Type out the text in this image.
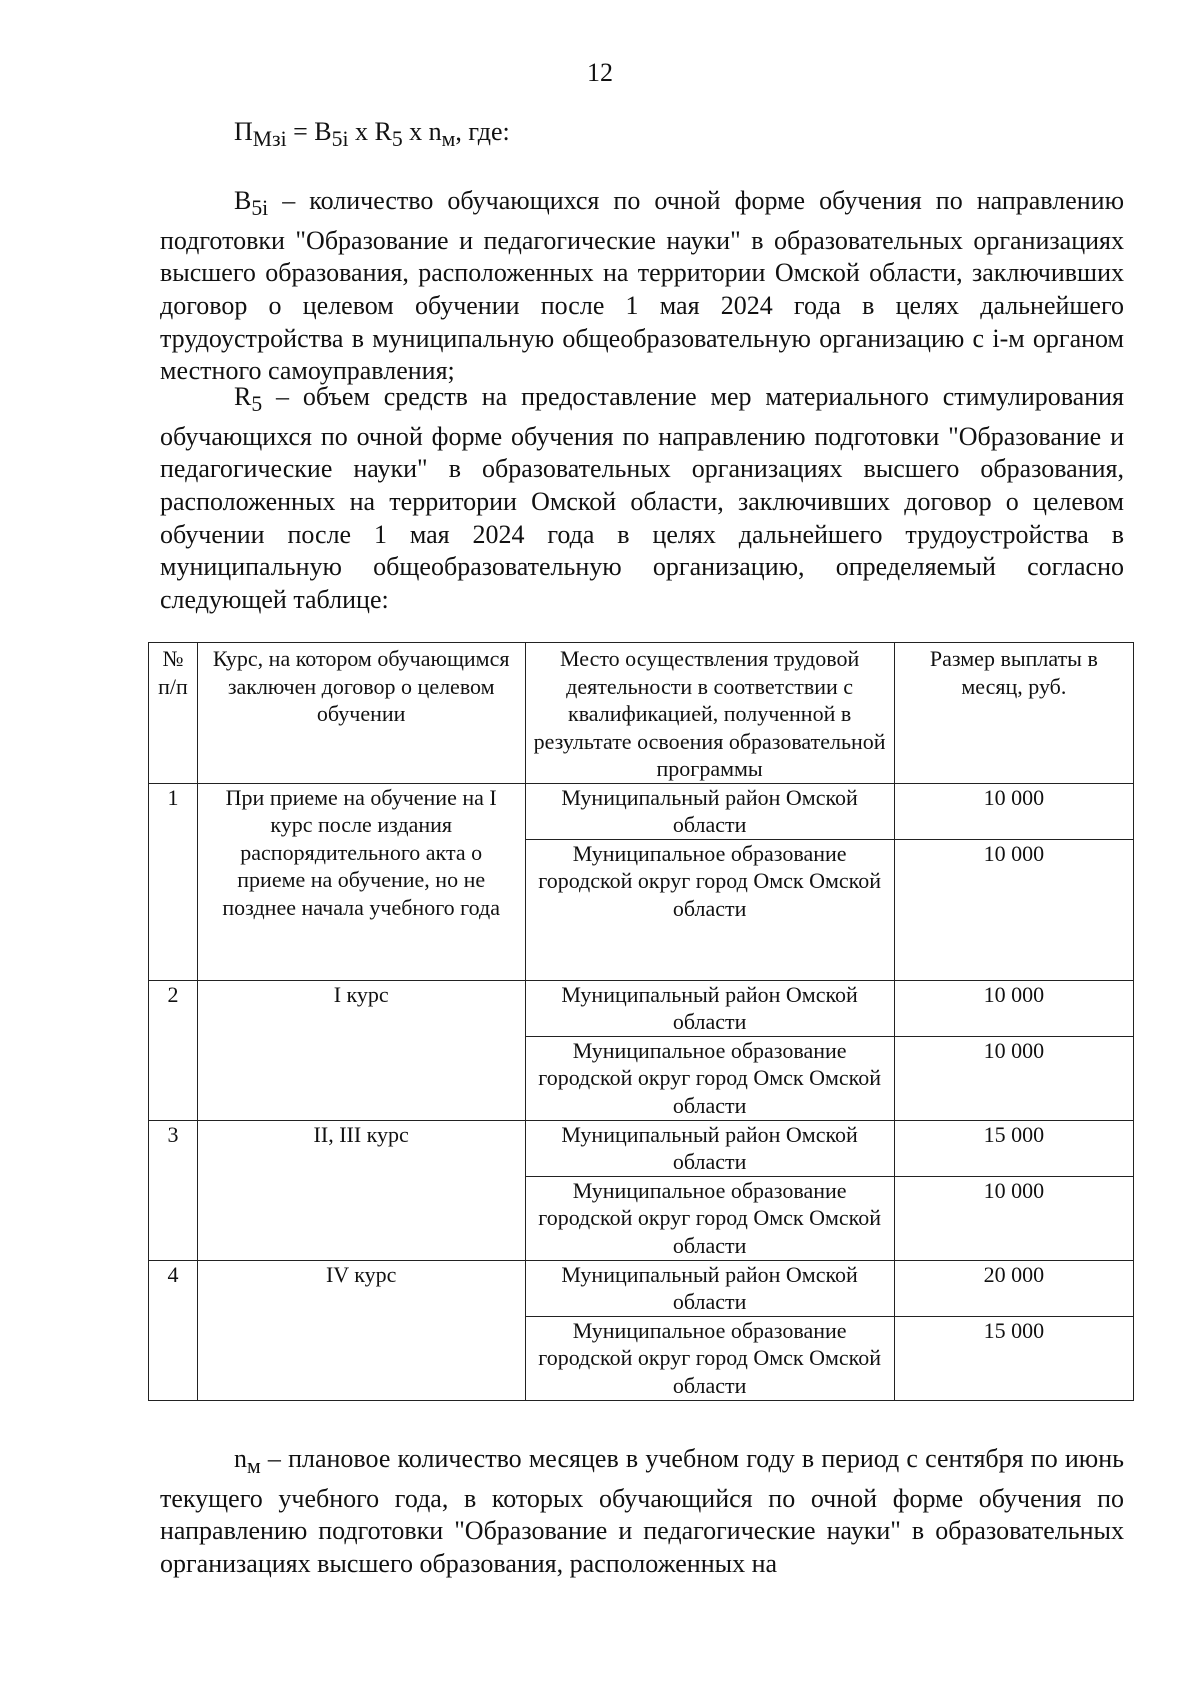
12
$П_{Мзi} = B_{5i}$ x $R_5$ x $n_м$, где:

$B_{5i}$ – количество обучающихся по очной форме обучения по направлению подготовки "Образование и педагогические науки" в образовательных организациях высшего образования, расположенных на территории Омской области, заключивших договор о целевом обучении после 1 мая 2024 года в целях дальнейшего трудоустройства в муниципальную общеобразовательную организацию с i-м органом местного самоуправления;

$R_5$ – объем средств на предоставление мер материального стимулирования обучающихся по очной форме обучения по направлению подготовки "Образование и педагогические науки" в образовательных организациях высшего образования, расположенных на территории Омской области, заключивших договор о целевом обучении после 1 мая 2024 года в целях дальнейшего трудоустройства в муниципальную общеобразовательную организацию, определяемый согласно следующей таблице:

№ п/п	Курс, на котором обучающимся заключен договор о целевом обучении	Место осуществления трудовой деятельности в соответствии с квалификацией, полученной в результате освоения образовательной программы	Размер выплаты в месяц, руб.
1	При приеме на обучение на I курс после издания распорядительного акта о приеме на обучение, но не позднее начала учебного года	Муниципальный район Омской области	10 000
		Муниципальное образование городской округ город Омск Омской области	10 000
2	I курс	Муниципальный район Омской области	10 000
		Муниципальное образование городской округ город Омск Омской области	10 000
3	II, III курс	Муниципальный район Омской области	15 000
		Муниципальное образование городской округ город Омск Омской области	10 000
4	IV курс	Муниципальный район Омской области	20 000
		Муниципальное образование городской округ город Омск Омской области	15 000

$n_м$ – плановое количество месяцев в учебном году в период с сентября по июнь текущего учебного года, в которых обучающийся по очной форме обучения по направлению подготовки "Образование и педагогические науки" в образовательных организациях высшего образования, расположенных на
